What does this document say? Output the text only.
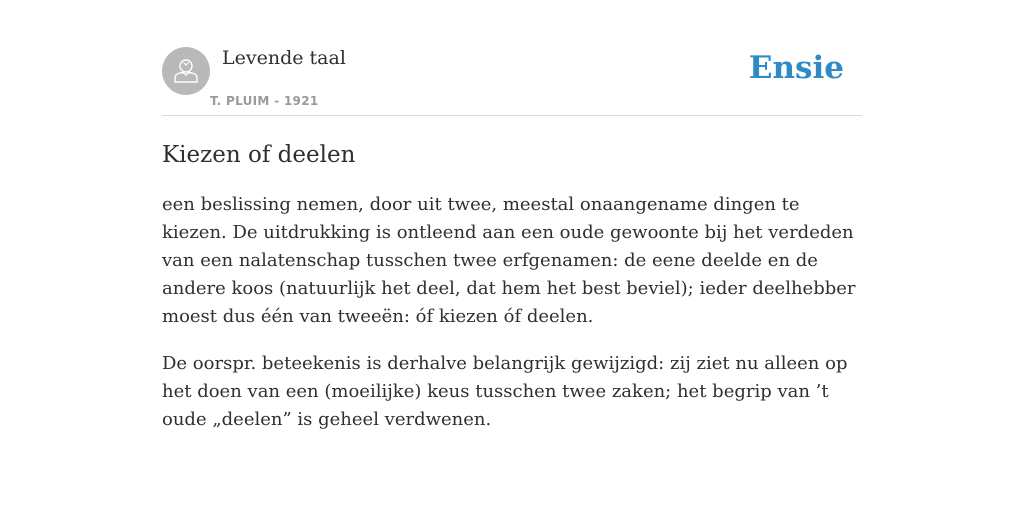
Levende taal
T. PLUIM - 1921
Ensie
Kiezen of deelen

een beslissing nemen, door uit twee, meestal onaangename dingen te kiezen. De uitdrukking is ontleend aan een oude gewoonte bij het verdeden van een nalatenschap tusschen twee erfgenamen: de eene deelde en de andere koos (natuurlijk het deel, dat hem het best beviel); ieder deelhebber moest dus één van tweeën: óf kiezen óf deelen.

De oorspr. beteekenis is derhalve belangrijk gewijzigd: zij ziet nu alleen op het doen van een (moeilijke) keus tusschen twee zaken; het begrip van ’t oude „deelen” is geheel verdwenen.
